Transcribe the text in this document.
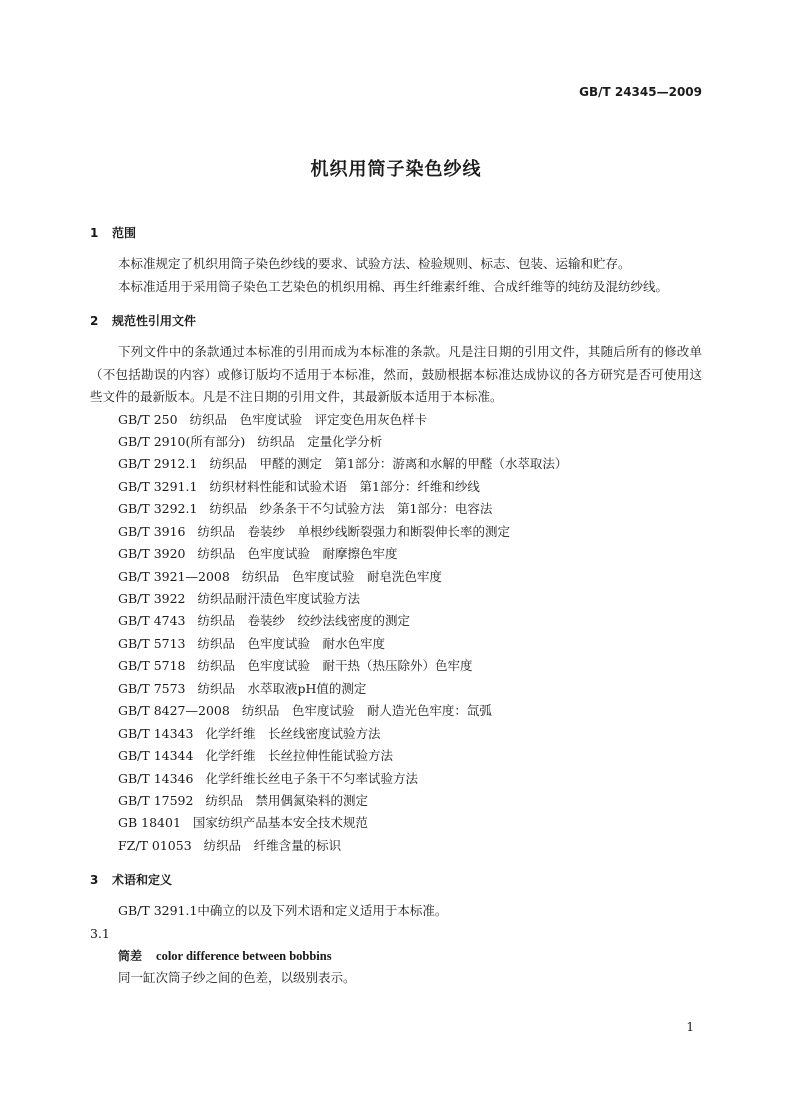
GB/T 24345—2009
机织用筒子染色纱线
1 范围

本标准规定了机织用筒子染色纱线的要求、试验方法、检验规则、标志、包装、运输和贮存。

本标准适用于采用筒子染色工艺染色的机织用棉、再生纤维素纤维、合成纤维等的纯纺及混纺纱线。

2 规范性引用文件

下列文件中的条款通过本标准的引用而成为本标准的条款。凡是注日期的引用文件，其随后所有的修改单（不包括勘误的内容）或修订版均不适用于本标准，然而，鼓励根据本标准达成协议的各方研究是否可使用这些文件的最新版本。凡是不注日期的引用文件，其最新版本适用于本标准。

GB/T 250 纺织品　色牢度试验　评定变色用灰色样卡
GB/T 2910(所有部分) 纺织品　定量化学分析
GB/T 2912.1 纺织品　甲醛的测定　第1部分：游离和水解的甲醛（水萃取法）
GB/T 3291.1 纺织材料性能和试验术语　第1部分：纤维和纱线
GB/T 3292.1 纺织品　纱条条干不匀试验方法　第1部分：电容法
GB/T 3916 纺织品　卷装纱　单根纱线断裂强力和断裂伸长率的测定
GB/T 3920 纺织品　色牢度试验　耐摩擦色牢度
GB/T 3921—2008 纺织品　色牢度试验　耐皂洗色牢度
GB/T 3922 纺织品耐汗渍色牢度试验方法
GB/T 4743 纺织品　卷装纱　绞纱法线密度的测定
GB/T 5713 纺织品　色牢度试验　耐水色牢度
GB/T 5718 纺织品　色牢度试验　耐干热（热压除外）色牢度
GB/T 7573 纺织品　水萃取液pH值的测定
GB/T 8427—2008 纺织品　色牢度试验　耐人造光色牢度：氙弧
GB/T 14343 化学纤维　长丝线密度试验方法
GB/T 14344 化学纤维　长丝拉伸性能试验方法
GB/T 14346 化学纤维长丝电子条干不匀率试验方法
GB/T 17592 纺织品　禁用偶氮染料的测定
GB 18401 国家纺织产品基本安全技术规范
FZ/T 01053 纺织品　纤维含量的标识
3 术语和定义

GB/T 3291.1中确立的以及下列术语和定义适用于本标准。

3.1

筒差 color difference between bobbins

同一缸次筒子纱之间的色差，以级别表示。

1
